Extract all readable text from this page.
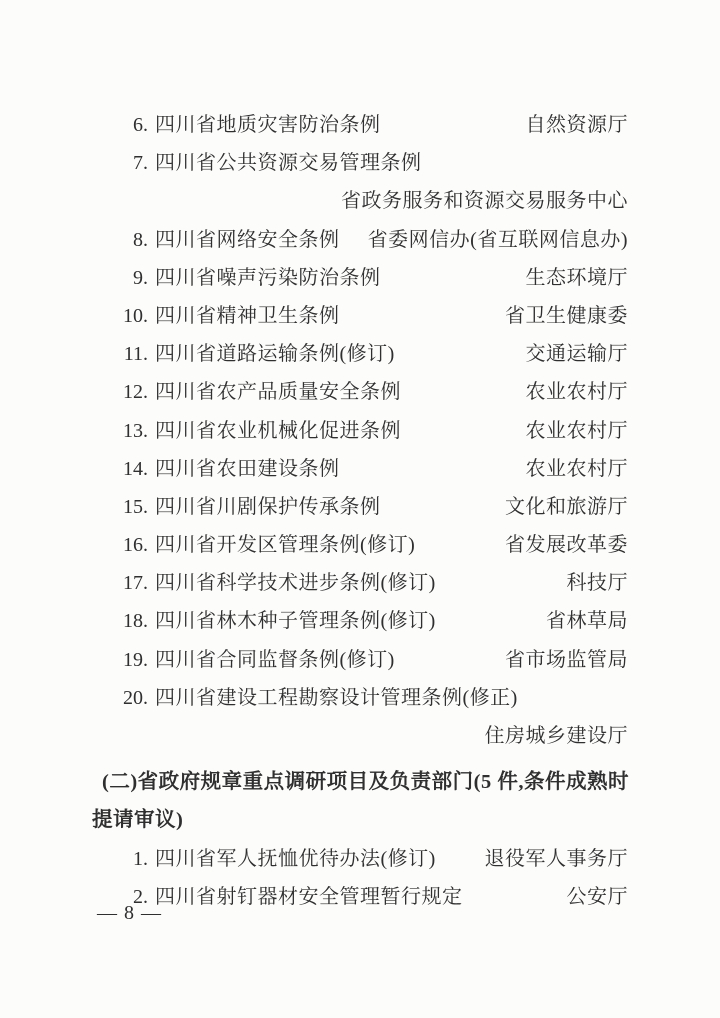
6. 四川省地质灾害防治条例	自然资源厅
7. 四川省公共资源交易管理条例
省政务服务和资源交易服务中心
8. 四川省网络安全条例 省委网信办(省互联网信息办)
9. 四川省噪声污染防治条例	生态环境厅
10. 四川省精神卫生条例	省卫生健康委
11. 四川省道路运输条例(修订)	交通运输厅
12. 四川省农产品质量安全条例	农业农村厅
13. 四川省农业机械化促进条例	农业农村厅
14. 四川省农田建设条例	农业农村厅
15. 四川省川剧保护传承条例	文化和旅游厅
16. 四川省开发区管理条例(修订)	省发展改革委
17. 四川省科学技术进步条例(修订)	科技厅
18. 四川省林木种子管理条例(修订)	省林草局
19. 四川省合同监督条例(修订)	省市场监管局
20. 四川省建设工程勘察设计管理条例(修正)
住房城乡建设厅
(二)省政府规章重点调研项目及负责部门(5 件,条件成熟时
提请审议)
1. 四川省军人抚恤优待办法(修订) 退役军人事务厅
2. 四川省射钉器材安全管理暂行规定	公安厅
— 8 —
